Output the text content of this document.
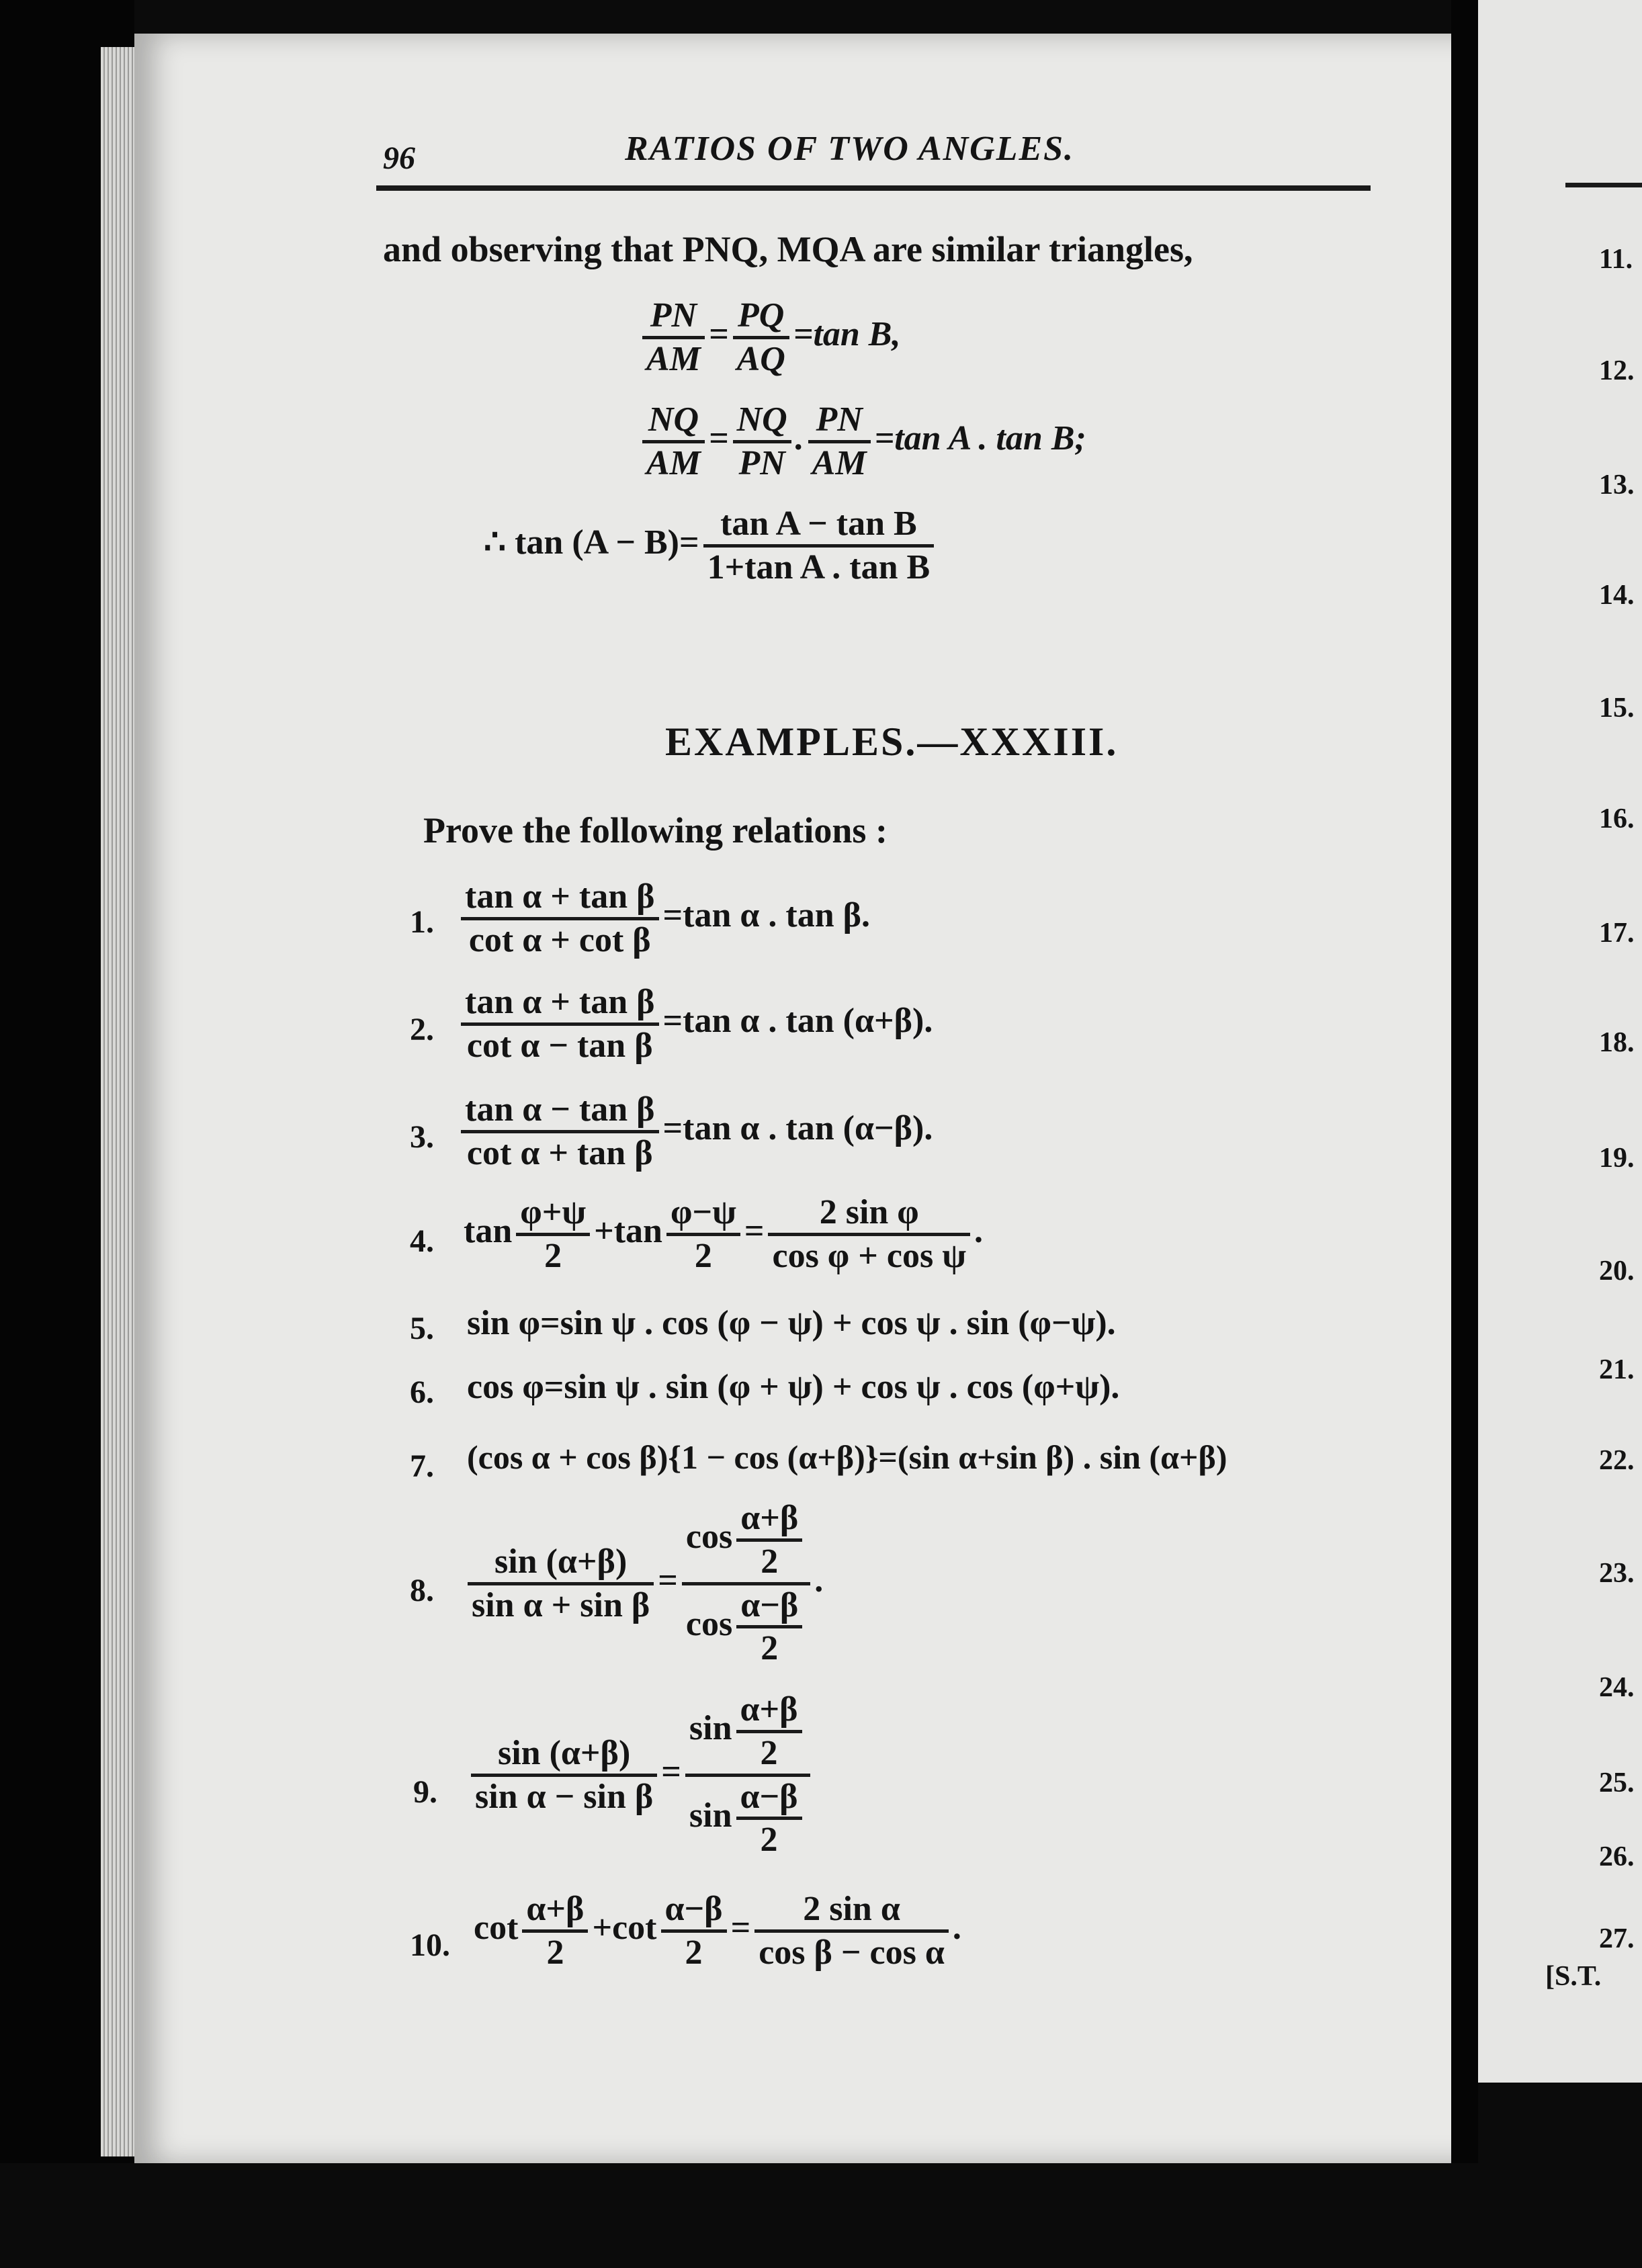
96	RATIOS OF TWO ANGLES.
and observing that PNQ, MQA are similar triangles,
$\frac{PN}{AM} = \frac{PQ}{AQ} =\tan$ B,
$\frac{NQ}{AM} = \frac{NQ}{PN}$ . $\frac{PN}{AM} =\tan$ A . tan B;
∴ $\tan (A - B)= \frac{\text{tan A − tan B}}{\text{1+tan A . tan B}}$
EXAMPLES.—XXXIII.
Prove the following relations :
1. $\frac{\text{tan α + tan β}}{\text{cot α + cot β}} =\tan$ α . tan β.
2. $\frac{\text{tan α + tan β}}{\text{cot α − tan β}} =\tan$ α . tan (α+β).
3. $\frac{\text{tan α − tan β}}{\text{cot α + tan β}} =\tan$ α . tan (α−β).
4. $\tan \frac{\varphi+\psi}{2} +\tan \frac{\varphi-\psi}{2} = \frac{\text{2 sin φ}}{\text{cos φ + cos ψ}}$ .
5. sin φ=sin ψ . cos (φ − ψ) + cos ψ . sin (φ−ψ).
6. cos φ=sin ψ . sin (φ + ψ) + cos ψ . cos (φ+ψ).
7. (cos α + cos β){1 − cos (α+β)}=(sin α+sin β) . sin (α+β)
8. $\frac{\sin (\alpha+\beta)}{\text{sin α + sin β}} = \frac{\cos \frac{\alpha+\beta}{2}}{\cos \frac{\alpha-\beta}{2}}$ .
9. $\frac{\sin (\alpha+\beta)}{\text{sin α − sin β}} = \frac{\sin \frac{\alpha+\beta}{2}}{\sin \frac{\alpha-\beta}{2}}$
10. $\cot \frac{\alpha+\beta}{2} +\cot \frac{\alpha-\beta}{2} = \frac{\text{2 sin α}}{\text{cos β − cos α}}$ .
11.
12.
13.
14.
15.
16.
17.
18.
19.
20.
21.
22.
23.
24.
25.
26.
27.
[S.T.
